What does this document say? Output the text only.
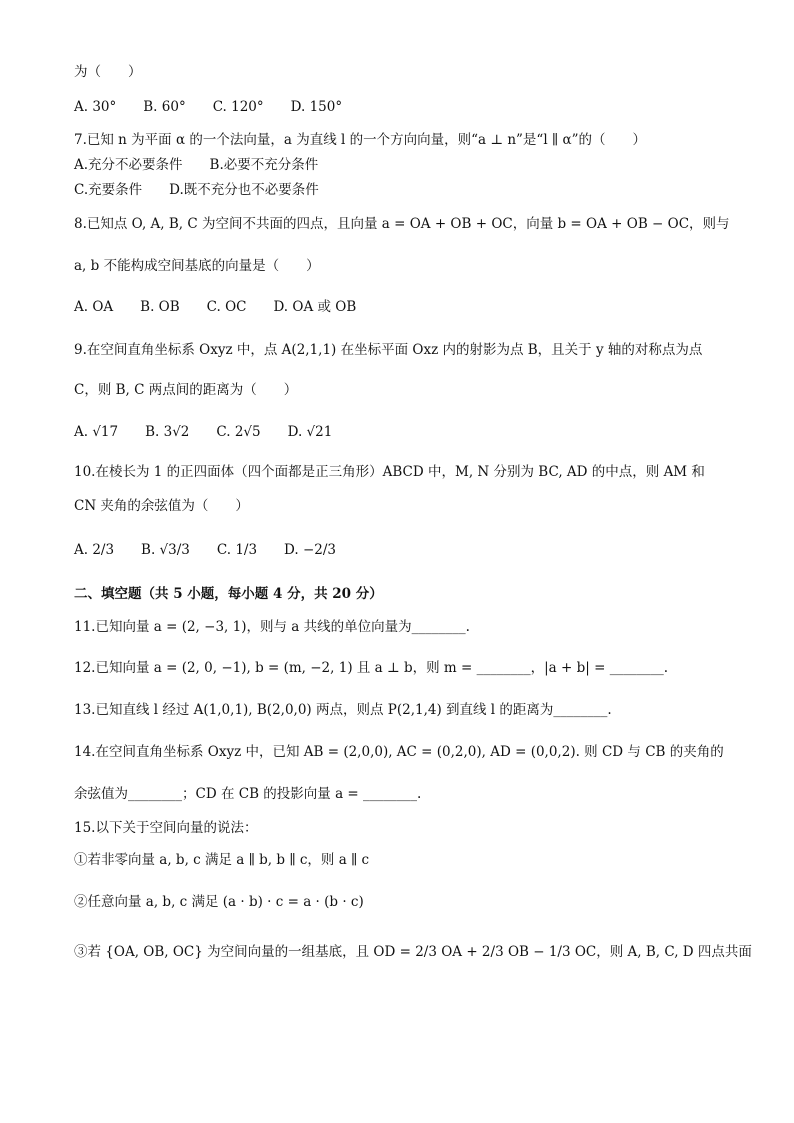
为（　　）
A. 30°　　B. 60°　　C. 120°　　D. 150°
7.已知 n 为平面 α 的一个法向量，a 为直线 l 的一个方向向量，则“a ⊥ n”是“l ∥ α”的（　　）
A.充分不必要条件　　B.必要不充分条件
C.充要条件　　D.既不充分也不必要条件
8.已知点 O, A, B, C 为空间不共面的四点，且向量 a = OA + OB + OC，向量 b = OA + OB − OC，则与
a, b 不能构成空间基底的向量是（　　）
A. OA　　B. OB　　C. OC　　D. OA 或 OB
9.在空间直角坐标系 Oxyz 中，点 A(2,1,1) 在坐标平面 Oxz 内的射影为点 B，且关于 y 轴的对称点为点
C，则 B, C 两点间的距离为（　　）
A. √17　　B. 3√2　　C. 2√5　　D. √21
10.在棱长为 1 的正四面体（四个面都是正三角形）ABCD 中，M, N 分别为 BC, AD 的中点，则 AM 和
CN 夹角的余弦值为（　　）
A. 2/3　　B. √3/3　　C. 1/3　　D. −2/3
二、填空题（共 5 小题，每小题 4 分，共 20 分）
11.已知向量 a = (2, −3, 1)，则与 a 共线的单位向量为________.
12.已知向量 a = (2, 0, −1), b = (m, −2, 1) 且 a ⊥ b，则 m = ________，|a + b| = ________.
13.已知直线 l 经过 A(1,0,1), B(2,0,0) 两点，则点 P(2,1,4) 到直线 l 的距离为________.
14.在空间直角坐标系 Oxyz 中，已知 AB = (2,0,0), AC = (0,2,0), AD = (0,0,2). 则 CD 与 CB 的夹角的
余弦值为________；CD 在 CB 的投影向量 a = ________.
15.以下关于空间向量的说法：
①若非零向量 a, b, c 满足 a ∥ b, b ∥ c，则 a ∥ c
②任意向量 a, b, c 满足 (a · b) · c = a · (b · c)
③若 {OA, OB, OC} 为空间向量的一组基底，且 OD = 2/3 OA + 2/3 OB − 1/3 OC，则 A, B, C, D 四点共面
